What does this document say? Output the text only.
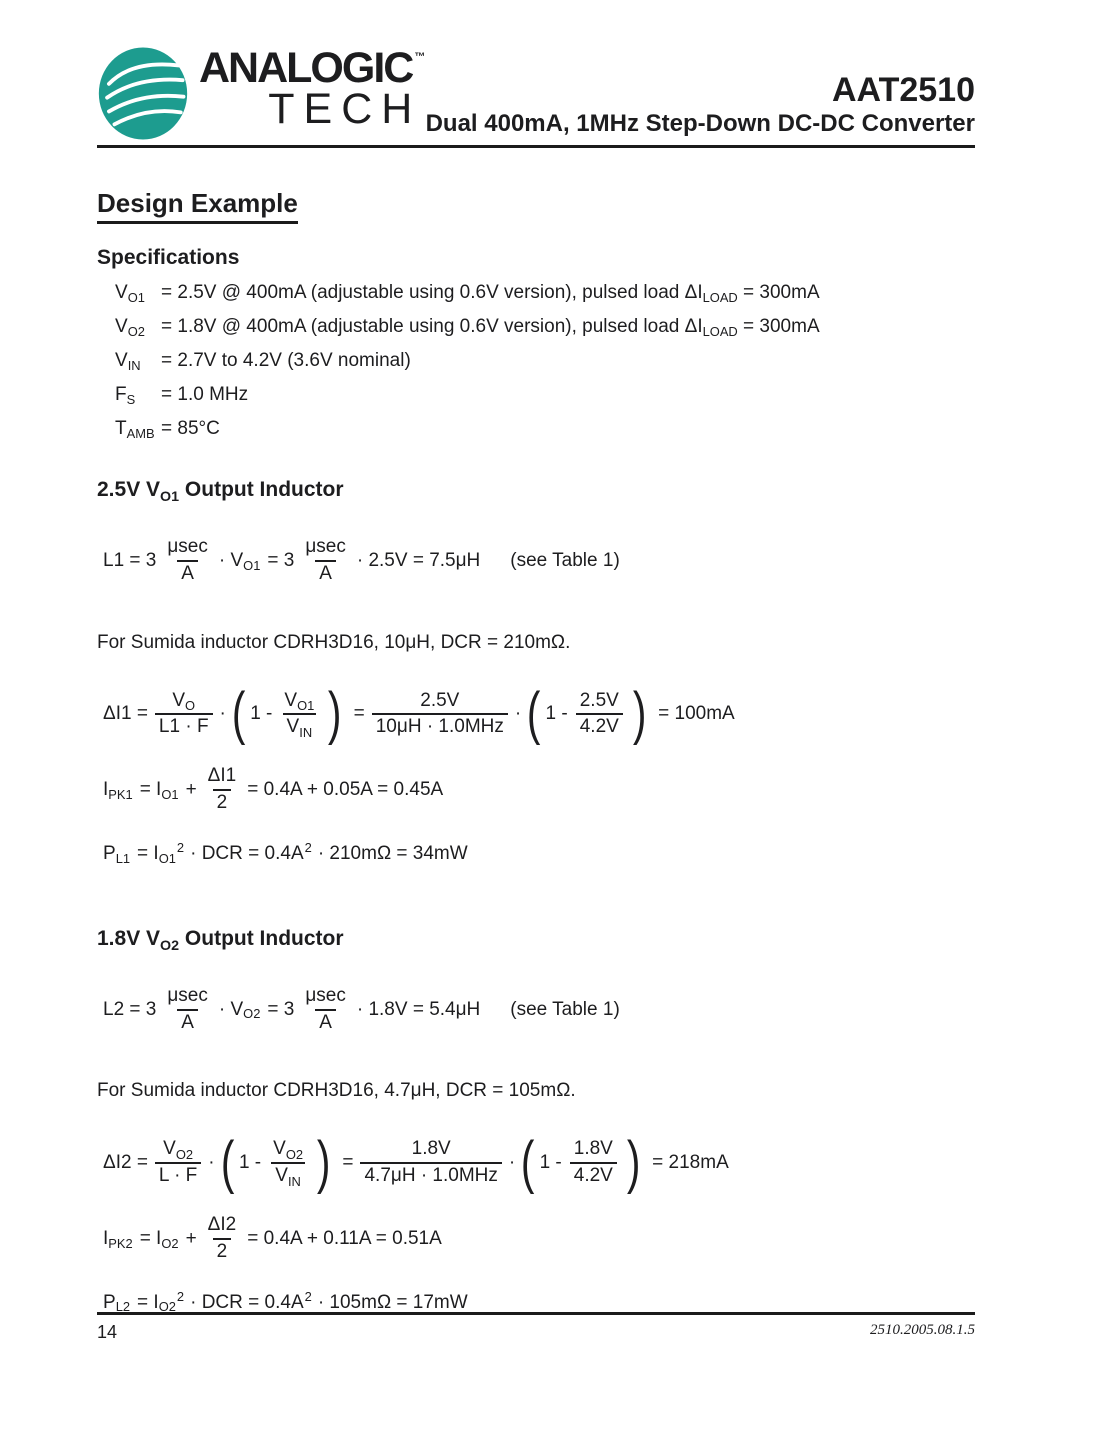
ANALOGIC ™
TECH	AAT2510
Dual 400mA, 1MHz Step-Down DC-DC Converter
Design Example
Specifications
$V_{O1} = 2.5V$ @ 400mA (adjustable using 0.6V version), pulsed load $\Delta I_{LOAD} = 300mA$
$V_{O2} = 1.8V$ @ 400mA (adjustable using 0.6V version), pulsed load $\Delta I_{LOAD} = 300mA$
$V_{IN}$	= 2.7V to 4.2V (3.6V nominal)
$F_S$	= 1.0 MHz
$T_{AMB} = 85^\circ C$
2.5V $V_{O1}$ Output Inductor
$L1 = 3 \frac{\mu\sec}{A} \cdot V$ $O1 = 3 \frac{\mu\sec}{A} \cdot 2.5V = 7.5\mu H$ (see Table 1)
For Sumida inductor CDRH3D16, 10μH, DCR = 210mΩ.
$\Delta I1 = \frac{V_O}{L1 \cdot F}$ · ( $1 - \frac{V_{O1}}{V_{IN}}$ ) = $\frac{2.5V}{\text{10μH · 1.0MHz}}$ · ( $1 - \frac{2.5V}{4.2V}$ ) = 100mA
I PK1 = I $O1 + \frac{\Delta I1}{2} = 0.4A + 0.05A = 0.45A$
P L1 = I O1
2 · DCR = 0.4A 2 · 210mΩ = 34mW
1.8V $V_{O2}$ Output Inductor
$L2 = 3 \frac{\mu\sec}{A} \cdot V$ $O2 = 3 \frac{\mu\sec}{A} \cdot 1.8V = 5.4\mu H$ (see Table 1)
For Sumida inductor CDRH3D16, 4.7μH, DCR = 105mΩ.
$\Delta I2 = \frac{V_{O2}}{L \cdot F}$ · ( $1 - \frac{V_{O2}}{V_{IN}}$ ) = $\frac{1.8V}{\text{4.7μH · 1.0MHz}}$ · ( $1 - \frac{1.8V}{4.2V}$ ) = 218mA
I PK2 = I $O2 + \frac{\Delta I2}{2} = 0.4A + 0.11A = 0.51A$
P L2 = I O2
2 · DCR = 0.4A 2 · 105mΩ = 17mW
14	2510.2005.08.1.5
